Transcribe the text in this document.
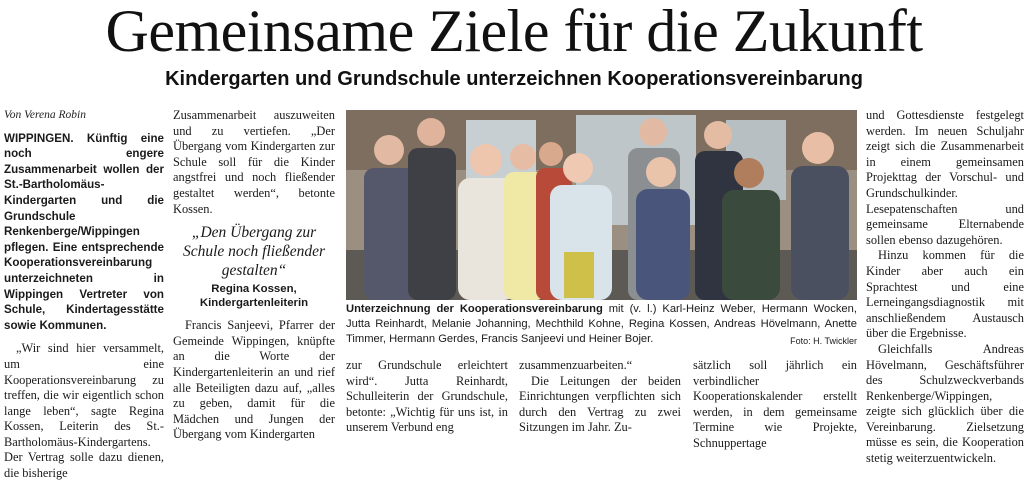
Gemeinsame Ziele für die Zukunft
Kindergarten und Grundschule unterzeichnen Kooperationsvereinbarung
Von Verena Robin
WIPPINGEN. Künftig eine noch engere Zusammenarbeit wollen der St.-Bartholomäus-Kindergarten und die Grundschule Renkenberge/Wippingen pflegen. Eine entsprechende Kooperationsvereinbarung unterzeichneten in Wippingen Vertreter von Schule, Kindertagesstätte sowie Kommunen.

„Wir sind hier versammelt, um eine Kooperationsvereinbarung zu treffen, die wir eigentlich schon lange leben“, sagte Regina Kossen, Leiterin des St.-Bartholomäus-Kindergartens. Der Vertrag solle dazu dienen, die bisherige

Zusammenarbeit auszuweiten und zu vertiefen. „Der Übergang vom Kindergarten zur Schule soll für die Kinder angstfrei und noch fließender gestaltet werden“, betonte Kossen.

„Den Übergang zur Schule noch fließender gestalten“
Regina Kossen,
Kindergartenleiterin

Francis Sanjeevi, Pfarrer der Gemeinde Wippingen, knüpfte an die Worte der Kindergartenleiterin an und rief alle Beteiligten dazu auf, „alles zu geben, damit für die Mädchen und Jungen der Übergang vom Kindergarten

Unterzeichnung der Kooperationsvereinbarung mit (v. l.) Karl-Heinz Weber, Hermann Wocken, Jutta Reinhardt, Melanie Johanning, Mechthild Kohne, Regina Kossen, Andreas Hövelmann, Anette Timmer, Hermann Gerdes, Francis Sanjeevi und Heiner Bojer.	Foto: H. Twickler

zur Grundschule erleichtert wird“. Jutta Reinhardt, Schulleiterin der Grundschule, betonte: „Wichtig für uns ist, in unserem Verbund eng

zusammenzuarbeiten.“

Die Leitungen der beiden Einrichtungen verpflichten sich durch den Vertrag zu zwei Sitzungen im Jahr. Zu-

sätzlich soll jährlich ein verbindlicher Kooperationskalender erstellt werden, in dem gemeinsame Termine wie Projekte, Schnuppertage

und Gottesdienste festgelegt werden. Im neuen Schuljahr zeigt sich die Zusammenarbeit in einem gemeinsamen Projekttag der Vorschul- und Grundschulkinder. Lesepatenschaften und gemeinsame Elternabende sollen ebenso dazugehören.

Hinzu kommen für die Kinder aber auch ein Sprachtest und eine Lerneingangsdiagnostik mit anschließendem Austausch über die Ergebnisse.

Gleichfalls Andreas Hövelmann, Geschäftsführer des Schulzweckverbands Renkenberge/Wippingen, zeigte sich glücklich über die Vereinbarung. Zielsetzung müsse es sein, die Kooperation stetig weiterzuentwickeln.
